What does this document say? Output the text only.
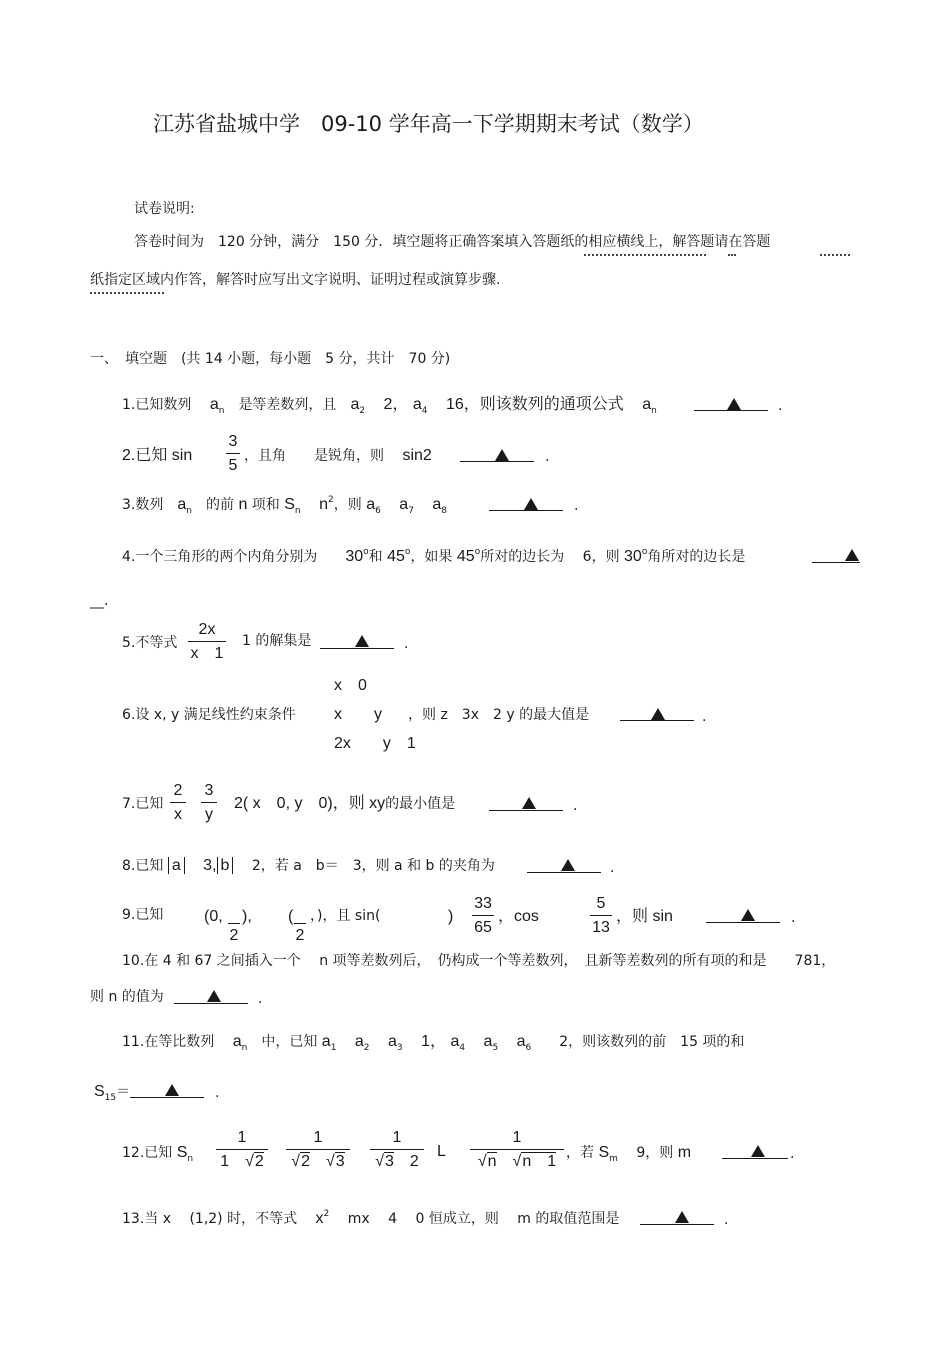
江苏省盐城中学　09-10 学年高一下学期期末考试（数学）
试卷说明:
答卷时间为　120 分钟，满分　150 分．填空题将正确答案填入答题纸的相应横线上，解答题请在答题
纸指定区域内作答，解答时应写出文字说明、证明过程或演算步骤.
一、　填空题　(共 14 小题，每小题　5 分，共计　70 分)
1.已知数列　 $a_n$　 是等差数列，且　 $a_2$　 2， $a_4$　 16，则该数列的通项公式　 $a_n$	.
2.已知 sin
3
5
，且角　　是锐角，则　 sin2	.
3.数列　 $a_n$　 的前 n 项和 $S_n$　 $n^2$，则 $a_6$　 $a_7$　 $a_8$	.
4.一个三角形的两个内角分别为　　 30$^o$和 45$^o$，如果 45$^o$所对的边长为　 6，则 30$^o$角所对的边长是
__.
5.不等式
2x
x　1
1 的解集是	.
x　0
6.设 x, y 满足线性约束条件 x　　y ，则 z　3x　2 y 的最大值是
2x　　y　1
.
7.已知
2
x
3
y
2( x　0, y　0)，则 xy的最小值是	.
8.已知 a　 3, b　 2，若 a　b＝　3，则 a 和 b 的夹角为	.
9.已知	(0,

2
), (

2
，)，且 sin(	)
33
65
，cos
5
13
，则 sin	.
10.在 4 和 67 之间插入一个　 n 项等差数列后，　仍构成一个等差数列，　且新等差数列的所有项的和是　　781，
则 n 的值为	.
11.在等比数列　 $a_n$　 中，已知 $a_1$　 $a_2$　 $a_3$　 1， $a_4$　 $a_5$　 $a_6$　　 2，则该数列的前　15 项的和
$S_{15}=$	.
12.已知 $S_n$
1
1　√2
1
√2　√3
1
√3　 2
L
1
√n　√n　1 ，若 $S_m$　 9，则 m	.
13.当 x　 (1,2) 时，不等式　 $x^2$　 mx　 4　 0 恒成立，则　 m 的取值范围是	.
